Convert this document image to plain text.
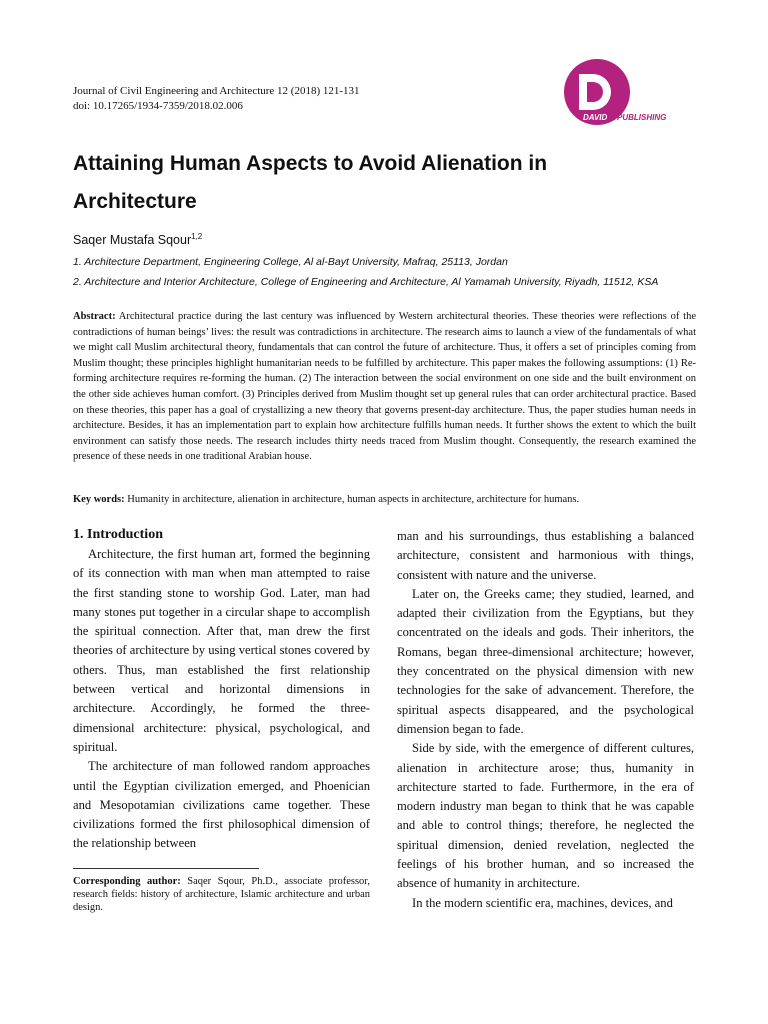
Journal of Civil Engineering and Architecture 12 (2018) 121-131
doi: 10.17265/1934-7359/2018.02.006
DAVID PUBLISHING
Attaining Human Aspects to Avoid Alienation in Architecture
Saqer Mustafa Sqour$^{1,2}$
1. Architecture Department, Engineering College, Al al-Bayt University, Mafraq, 25113, Jordan
2. Architecture and Interior Architecture, College of Engineering and Architecture, Al Yamamah University, Riyadh, 11512, KSA
Abstract: Architectural practice during the last century was influenced by Western architectural theories. These theories were reflections of the contradictions of human beings’ lives: the result was contradictions in architecture. The research aims to launch a view of the fundamentals of what we might call Muslim architectural theory, fundamentals that can control the future of architecture. Thus, it offers a set of principles coming from Muslim thought; these principles highlight humanitarian needs to be fulfilled by architecture. This paper makes the following assumptions: (1) Re-forming architecture requires re-forming the human. (2) The interaction between the social environment on one side and the built environment on the other side achieves human comfort. (3) Principles derived from Muslim thought set up general rules that can order architectural practice. Based on these theories, this paper has a goal of crystallizing a new theory that governs present-day architecture. Thus, the paper studies human needs in architecture. Besides, it has an implementation part to explain how architecture fulfills human needs. It further shows the extent to which the built environment can satisfy those needs. The research includes thirty needs traced from Muslim thought. Consequently, the research examined the presence of these needs in one traditional Arabian house.
Key words: Humanity in architecture, alienation in architecture, human aspects in architecture, architecture for humans.
1. Introduction

Architecture, the first human art, formed the beginning of its connection with man when man attempted to raise the first standing stone to worship God. Later, man had many stones put together in a circular shape to accomplish the spiritual connection. After that, man drew the first theories of architecture by using vertical stones covered by others. Thus, man established the first relationship between vertical and horizontal dimensions in architecture. Accordingly, he formed the three-dimensional architecture: physical, psychological, and spiritual.

The architecture of man followed random approaches until the Egyptian civilization emerged, and Phoenician and Mesopotamian civilizations came together. These civilizations formed the first philosophical dimension of the relationship between

man and his surroundings, thus establishing a balanced architecture, consistent and harmonious with things, consistent with nature and the universe.

Later on, the Greeks came; they studied, learned, and adapted their civilization from the Egyptians, but they concentrated on the ideals and gods. Their inheritors, the Romans, began three-dimensional architecture; however, they concentrated on the physical dimension with new technologies for the sake of advancement. Therefore, the spiritual aspects disappeared, and the psychological dimension began to fade.

Side by side, with the emergence of different cultures, alienation in architecture arose; thus, humanity in architecture started to fade. Furthermore, in the era of modern industry man began to think that he was capable and able to control things; therefore, he neglected the spiritual dimension, denied revelation, neglected the feelings of his brother human, and so increased the absence of humanity in architecture.

In the modern scientific era, machines, devices, and

Corresponding author: Saqer Sqour, Ph.D., associate professor, research fields: history of architecture, Islamic architecture and urban design.
